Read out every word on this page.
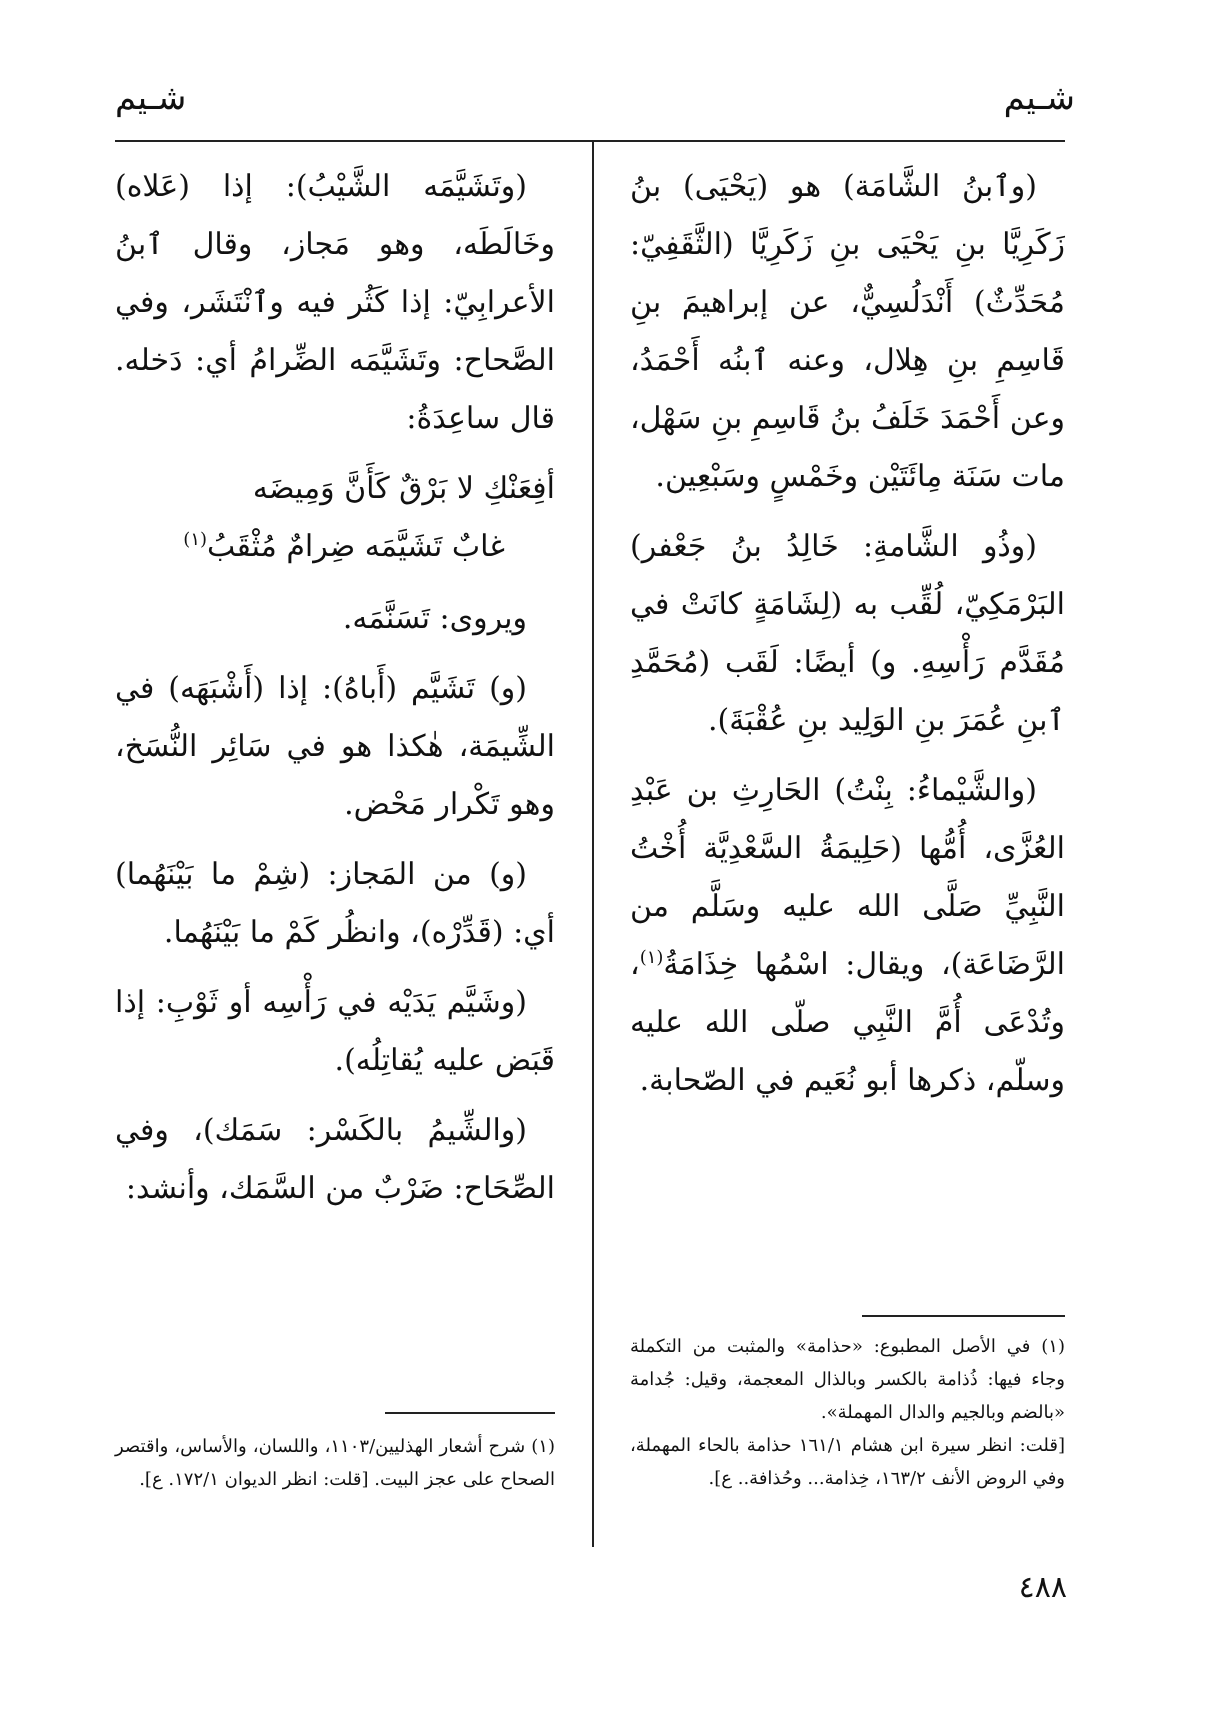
شـيم
شـيم

(وٱبنُ الشَّامَة) هو (يَحْيَى) بنُ زَكَرِيَّا بنِ يَحْيَى بنِ زَكَرِيَّا (الثَّقَفِيّ: مُحَدِّثٌ) أَنْدَلُسِيٌّ، عن إبراهيمَ بنِ قَاسِمِ بنِ هِلال، وعنه ٱبنُه أَحْمَدُ، وعن أَحْمَدَ خَلَفُ بنُ قَاسِمِ بنِ سَهْل، مات سَنَة مِائَتَيْن وخَمْسٍ وسَبْعِين.

(وذُو الشَّامةِ: خَالِدُ بنُ جَعْفر) البَرْمَكِيّ، لُقِّب به (لِشَامَةٍ كانَتْ في مُقَدَّم رَأْسِهِ. و) أيضًا: لَقَب (مُحَمَّدِ ٱبنِ عُمَرَ بنِ الوَلِيد بنِ عُقْبَةَ).

(والشَّيْماءُ: بِنْتُ) الحَارِثِ بن عَبْدِ العُزَّى، أُمُّها (حَلِيمَةُ السَّعْدِيَّة أُخْتُ النَّبِيِّ صَلَّى الله عليه وسَلَّم من الرَّضَاعَة)، ويقال: اسْمُها خِذَامَةُ$^{(١)}$، وتُدْعَى أُمَّ النَّبِي صلّى الله عليه وسلّم، ذكرها أبو نُعَيم في الصّحابة.

(وتَشَيَّمَه الشَّيْبُ): إذا (عَلاه) وخَالَطَه، وهو مَجاز، وقال ٱبنُ الأعرابِيّ: إذا كَثُر فيه وٱنْتَشَر، وفي الصَّحاح: وتَشَيَّمَه الضِّرامُ أي: دَخله. قال ساعِدَةُ:

أفِعَنْكِ لا بَرْقٌ كَأَنَّ وَمِيضَه

غابٌ تَشَيَّمَه ضِرامٌ مُثْقَبُ$^{(١)}$

ويروى: تَسَنَّمَه.

(و) تَشَيَّم (أَباهُ): إذا (أَشْبَهَه) في الشِّيمَة، هٰكذا هو في سَائِر النُّسَخ، وهو تَكْرار مَحْض.

(و) من المَجاز: (شِمْ ما بَيْنَهُما) أي: (قَدِّرْه)، وانظُر كَمْ ما بَيْنَهُما.

(وشَيَّم يَدَيْه في رَأْسِه أو ثَوْبِ: إذا قَبَض عليه يُقاتِلُه).

(والشِّيمُ بالكَسْر: سَمَك)، وفي الصِّحَاح: ضَرْبٌ من السَّمَك، وأنشد:

(١) في الأصل المطبوع: «حذامة» والمثبت من التكملة وجاء فيها: ذُذامة بالكسر وبالذال المعجمة، وقيل: جُدامة «بالضم وبالجيم والدال المهملة».

[قلت: انظر سيرة ابن هشام ١٦١/١ حذامة بالحاء المهملة، وفي الروض الأنف ١٦٣/٢، خِذامة... وحُذافة.. ع].

(١) شرح أشعار الهذليين/١١٠٣، واللسان، والأساس، واقتصر الصحاح على عجز البيت. [قلت: انظر الديوان ١٧٢/١. ع].

٤٨٨
